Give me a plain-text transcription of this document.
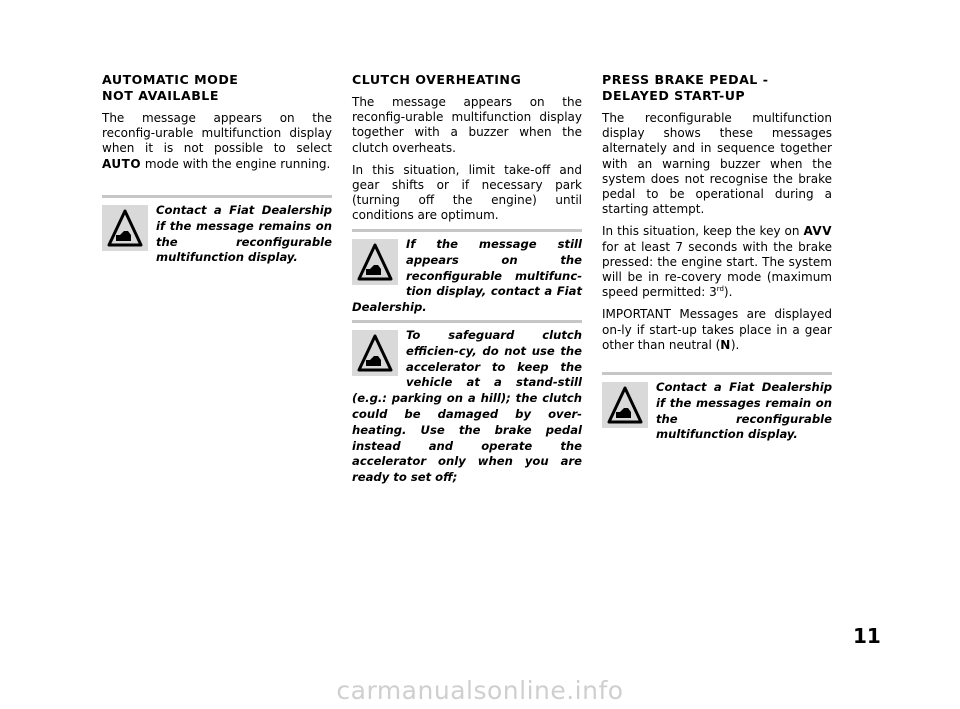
AUTOMATIC MODE
NOT AVAILABLE

The message appears on the reconfig-urable multifunction display when it is not possible to select AUTO mode with the engine running.

Contact a Fiat Dealership if the message remains on the reconfigurable multifunction display.

CLUTCH OVERHEATING

The message appears on the reconfig-urable multifunction display together with a buzzer when the clutch overheats.

In this situation, limit take-off and gear shifts or if necessary park (turning off the engine) until conditions are optimum.

If the message still appears on the reconfigurable multifunc-tion display, contact a Fiat Dealership.
To safeguard clutch efficien-cy, do not use the accelerator to keep the vehicle at a stand-still (e.g.: parking on a hill); the clutch could be damaged by over-heating. Use the brake pedal instead and operate the accelerator only when you are ready to set off;

PRESS BRAKE PEDAL -
DELAYED START-UP

The reconfigurable multifunction display shows these messages alternately and in sequence together with an warning buzzer when the system does not recognise the brake pedal to be operational during a starting attempt.

In this situation, keep the key on AVV for at least 7 seconds with the brake pressed: the engine start. The system will be in re-covery mode (maximum speed permitted: 3rd).

IMPORTANT Messages are displayed on-ly if start-up takes place in a gear other than neutral (N).

Contact a Fiat Dealership if the messages remain on the reconfigurable multifunction display.
11
carmanualsonline.info
